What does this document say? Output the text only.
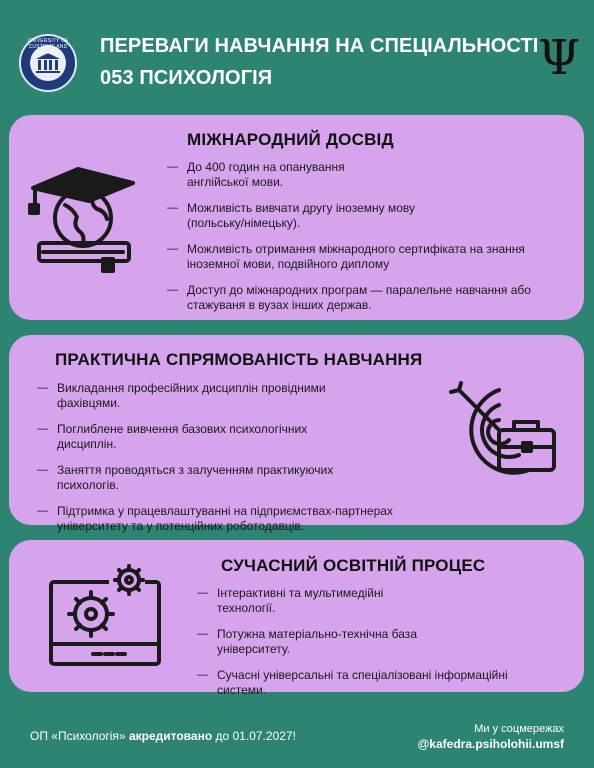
UNIVERSITY OF CUSTOMS AND FINANCE	ПЕРЕВАГИ НАВЧАННЯ НА СПЕЦІАЛЬНОСТІ
053 ПСИХОЛОГІЯ	Ψ
МІЖНАРОДНИЙ ДОСВІД
— До 400 годин на опанування англійської мови.
— Можливість вивчати другу іноземну мову (польську/німецьку).
— Можливість отримання міжнародного сертифіката на знання іноземної мови, подвійного диплому
— Доступ до міжнародних програм — паралельне навчання або стажуваня в вузах інших держав.
ПРАКТИЧНА СПРЯМОВАНІСТЬ НАВЧАННЯ
— Викладання професійних дисциплін провідними фахівцями.
— Поглиблене вивчення базових психологічних дисциплін.
— Заняття проводяться з залученням практикуючих психологів.
— Підтримка у працевлаштуванні на підприємствах-партнерах університету та у потенційних роботодавців.
СУЧАСНИЙ ОСВІТНІЙ ПРОЦЕС
— Інтерактивні та мультимедійні технології.
— Потужна матеріально-технічна база університету.
— Сучасні універсальні та спеціалізовані інформаційні системи.
ОП «Психологія» акредитовано до 01.07.2027!	Ми у соцмережах
@kafedra.psiholohii.umsf
